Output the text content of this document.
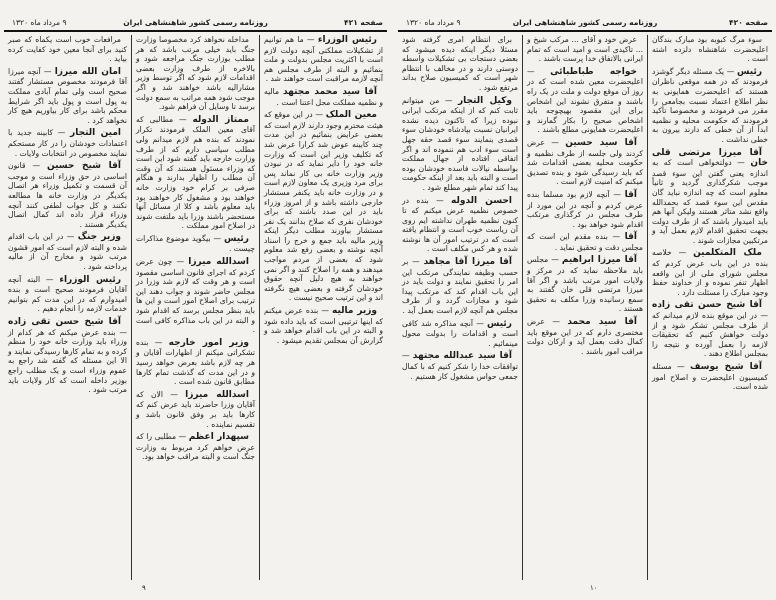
صفحه ۴۲۱
روزنامه رسمی کشور شاهنشاهی ایران
۹ مرداد ماه ۱۳۲۰

رئیس الوزراء — ما هم توانیم از تشکیلات مملکتی آنچه دولت لازم است با اکثریت مجلس بدولت و ملت بنمائیم و البته از طرف مجلس هم آنچه لازمه مراقبت است خواهند شد .

آقا سید محمد مجتهد مالیه و نظمیه مملکت محل اعتنا است .

معین الملک — در این موقع که هیئت محترم وجود دارند لازم است که بعضی عرایض بنمائیم در این مدت چند کابینه عوض شد کرارا عرض شد که تکلیف وزیر این است که وزارت خانه خود را دایر نماید که در نبودن وزیر وزارت خانه بی کار نماند پس برای مرد وزیری یک معاون لازم است و در وزارت خانه باید یکنفر مستشار خارجی داشته باشد و از امروز وزراء باید در این صدد باشند که برای خودشان نفری که صلاح بدانند یک نفر مستشار بیاورند مطلب دیگر اینکه وزیر مالیه باید جمع و خرج را اسناد آنچه نوشته و بعضی رفع شد معلوم شود که بعضی از مردم مواجب میدهند و همه را اصلاح کنند و اگر نمی خواهند به هیچ دلیل آنچه حقوق خودشان گرفته و بعضی هیچ نگرفته اند و این ترتیب صحیح نیست .

وزیر مالیه — بنده عرض میکنم که اینها ترتیبی است که باید داده شود و البته در این باب اقدام خواهد شد و گزارش آن بمجلس تقدیم میشود .

مداخله نخواهد کرد مخصوصا وزارت جنگ باید خیلی مرتب باشد که هر مطلب بوزارت جنگ مراجعه شود و بالاخره از طرف وزارت بعضی اقدامات لازم شود که اگر توسط وزیر مشارالیه باشد خواهند شد و اگر موجب شود همه مراتب به سمع دولت برسد تا وسایل آن فراهم شود.

ممتاز الدوله — مطالبی که آقای معین الملک فرمودند تکرار نمودند که بنده هم لازم میدانم ولی مطلب سیاسی دارم که از طرف وزارت خارجه باید گفته شود این است که وزراء مسئول هستند که آن وقت آن مطلب را اظهار بدارند و هنگام صرفی بر کرام خود وزارت خانه خواهند بود و مشغول کار خواهند بود باید معلوم باشد و کلا از مسائل آنها مستحضر باشند وزرا باید ملتفت شوند در اصلاح امور مملکت .

رئیس — بیگوید موضوع مذاکرات چیست .

اسدالله میرزا — چون عرض کردم که اجرای قانون اساسی مقصود است و هر وقت که لازم شد وزرا در مجلس حاضر شوند و جواب دهند این ترتیب برای اصلاح امور است و این ها باید بنظر مجلس برسد که اقدام شود و البته در این باب مذاکره کافی است .

وزیر امور خارجه — بنده تشکراتی میکنم از اظهارات آقایان و هر چه لازم باشد بعرض خواهد رسید و در این مدت که گذشت تمام کارها مطابق قانون شده است .

اسدالله میرزا — الان که آقایان وزرا حاضرند باید عرض کنم که کارها باید بر وفق قانون باشد و تقسیم نماینده .

سپهدار اعظم — مطلبی را که عرض خواهم کرد مربوط به وزارت جنگ است و البته مراقب خواهد بود.

مرافعات خوب است یکماه که صبر کنید برای آنجا معین خود کفایت کرده بیاید .

امان الله میرزا — آنچه میرزا آقا فرمودند مخصوص مستشار گفتند صحیح است ولی تمام آبادی مملکت به پول است و پول باید اگر شرایط محکم باشد برای کار بیاوریم هیچ کار نخواهد کرد .

امین التجار — کابینه جدید با اعتمادات خودشان را در کار مستحکم نمایند مخصوص در انتخابات ولایات .

آقا شیخ حسین — قانون اساسی در حق وزراء است و موجب آن قسمت و تکمیل وزراء هر اتصال یکدیگر در وزارت خانه ها مطالعه نکنند و کل جواب لطفی کنند آنچه وزراء قرار داده اند کمال اتصال یکدیگر هستند .

وزیر جنگ — در این باب اقدام شده و البته لازم است که امور قشون مرتب شود و مخارج آن از مالیه پرداخته شود .

رئیس الوزراء — البته آنچه آقایان فرمودند صحیح است و بنده امیدوارم که در این مدت کم بتوانیم خدمات لازمه را انجام دهیم .

آقا شیخ حسن تقی زاده — بنده عرض میکنم که هر کدام از وزراء باید وزارت خانه خود را منظم کرده و به تمام کارها رسیدگی نمایند و الا این مسئله که گفته شد راجع به عموم وزراء است و یک مطلب راجع بوزیر داخله است که کار ولایات باید مرتب شود .

۹
صفحه ۴۲۰
روزنامه رسمی کشور شاهنشاهی ایران
۹ مرداد ماه ۱۳۲۰

سوء مرگ کبوبه بود مبارک بندگان اعلیحضرت شاهنشاه دلزده اشته است .

رئیس — یک مسئله دیگر گوشزد فرمودند که در همه موقعی ناظران هستند که اعلیحضرت همایونی به نظر اطلاع اعتماد نسبت بجامعی را مقرر می فرمودند و مخصوصا تأکید فرمودند که حکومت محلیه و نظمیه ابداً از آن خطی که دارند بیرون به خطی نداشت .

آقا میرزا مرتضی قلی خان — دولتخواهی است که به اندازه یعنی گفتن این سوء قصد موجب شکرگذاری گردید و ثانیاً معلوم است که چه اندازه نباید گان مقدس این سوء قصد که بحمدالله واقع نشد متاثر هستند ولیکن آنها هم باید امیدوار باشند که از طرف دولت بجهت تحقیق اقدام لازم بعمل آید و مرتکبین مجازات شوند .

ملک المتکلمین — خلاصه بنده در این باب عرض کردم که مجلس شورای ملی از این واقعه اظهار تنفر نموده و از خداوند حفظ وجود مبارک را مسئلت دارد .

آقا شیخ حسن تقی زاده — در این موقع بنده لازم میدانم که از طرف مجلس تشکر شود و از دولت خواهش کنیم که تحقیقات لازمه را بعمل آورده و نتیجه را بمجلس اطلاع دهند .

آقا شیخ یوسف — مسئله کمیسیون اعلیحضرت و اصلاح امور شده است.

عرض خود و آقای ... مرکب شیخ و ... تاکیدی است و امید است که تمام ایرانی بالاتفاق خدا پرست باشند .

خواجه طباطبائی — اعلیحضرت معین شده است که در روز آن موقع دولت و ملت در یک راه باشند و متفرق نشوند این اشخاص برای این مقصود بهیچوجه باید اشخاص صحیح را بکار گمارند و اعلیحضرت همایونی مطلع باشند .

آقا سید حسین — عرض کردند ولی جلسه از طرف نظمیه و حکومت محلیه بعضی اقدامات شد که باید رسیدگی شود و بنده تصدیق میکنم که امنیت لازم است .

آقا — آنچه لازم بود مسلما بنده عرض کردم و آنچه در این مورد از طرف مجلس در کرگذاری مرتکب اقدام شود خواهد بود .

آقا — بنده مقدم این است که مجلس دقت و تحقیق نماید .

آقا میرزا ابراهیم — مجلس باید ملاحظه نماید که در مرکز و ولایات امور مرتب باشد و اگر آقا میرزا مرتضی قلی خان گفتند به سمع رسانیده وزرا مکلف به تحقیق هستند .

آقا سید محمد — عرض مختصری دارم که در این موقع باید کمال دقت بعمل آید و ارکان دولت مراقب امور باشند .

برای انتظام امری گرفته شود مسئلا دیگر اینکه دیده میشود که بعضی دستجات بی تشکیلات واسطه دوستی دارند و در مخالف با انتظام شهر است که کمیسیون صلاح بداند مرتفع شود .

وکیل التجار — من میتوانم ثابت کنم که از اینکه مرتکب ایرانی نبوده زیرا که تاکنون دیده نشده ایرانیان نسبت بپادشاه خودشان سوء قصدی بنمایند سوء قصد حقه جهل است سوء ادب هم ننموده اند و اگر اتفاقی افتاده از جهال مملکت بواسطه نیالات فاسده خودشان بوده است و البته باید بعد از اینکه حکومت پیدا کند تمام شهر مطلع شود .

احسن الدوله — بنده در خصوص نظمیه عرض میکنم که تا کنون نظمیه طهران نداشته ایم روی آن ریاست خوب است و انتظام یافته است که در ترتیب امور آن ها نوشته شده و هر کس مکلف است .

آقا میرزا آقا مجاهد — بر حسب وظیفه نمایندگی مرتکب این امر را تحقیق نمایند و دولت باید در این باب اقدام کند که مرتکب پیدا شود و مجازات گردد و از طرف مجلس هم آنچه لازم است بعمل آید .

رئیس — آنچه مذاکره شد کافی است و اقدامات را بدولت محول مینمائیم .

آقا سید عبدالله مجتهد — توافقات خدا را شکر کنیم که با کمال جمعی حواس مشغول کار هستیم .

۱۰
